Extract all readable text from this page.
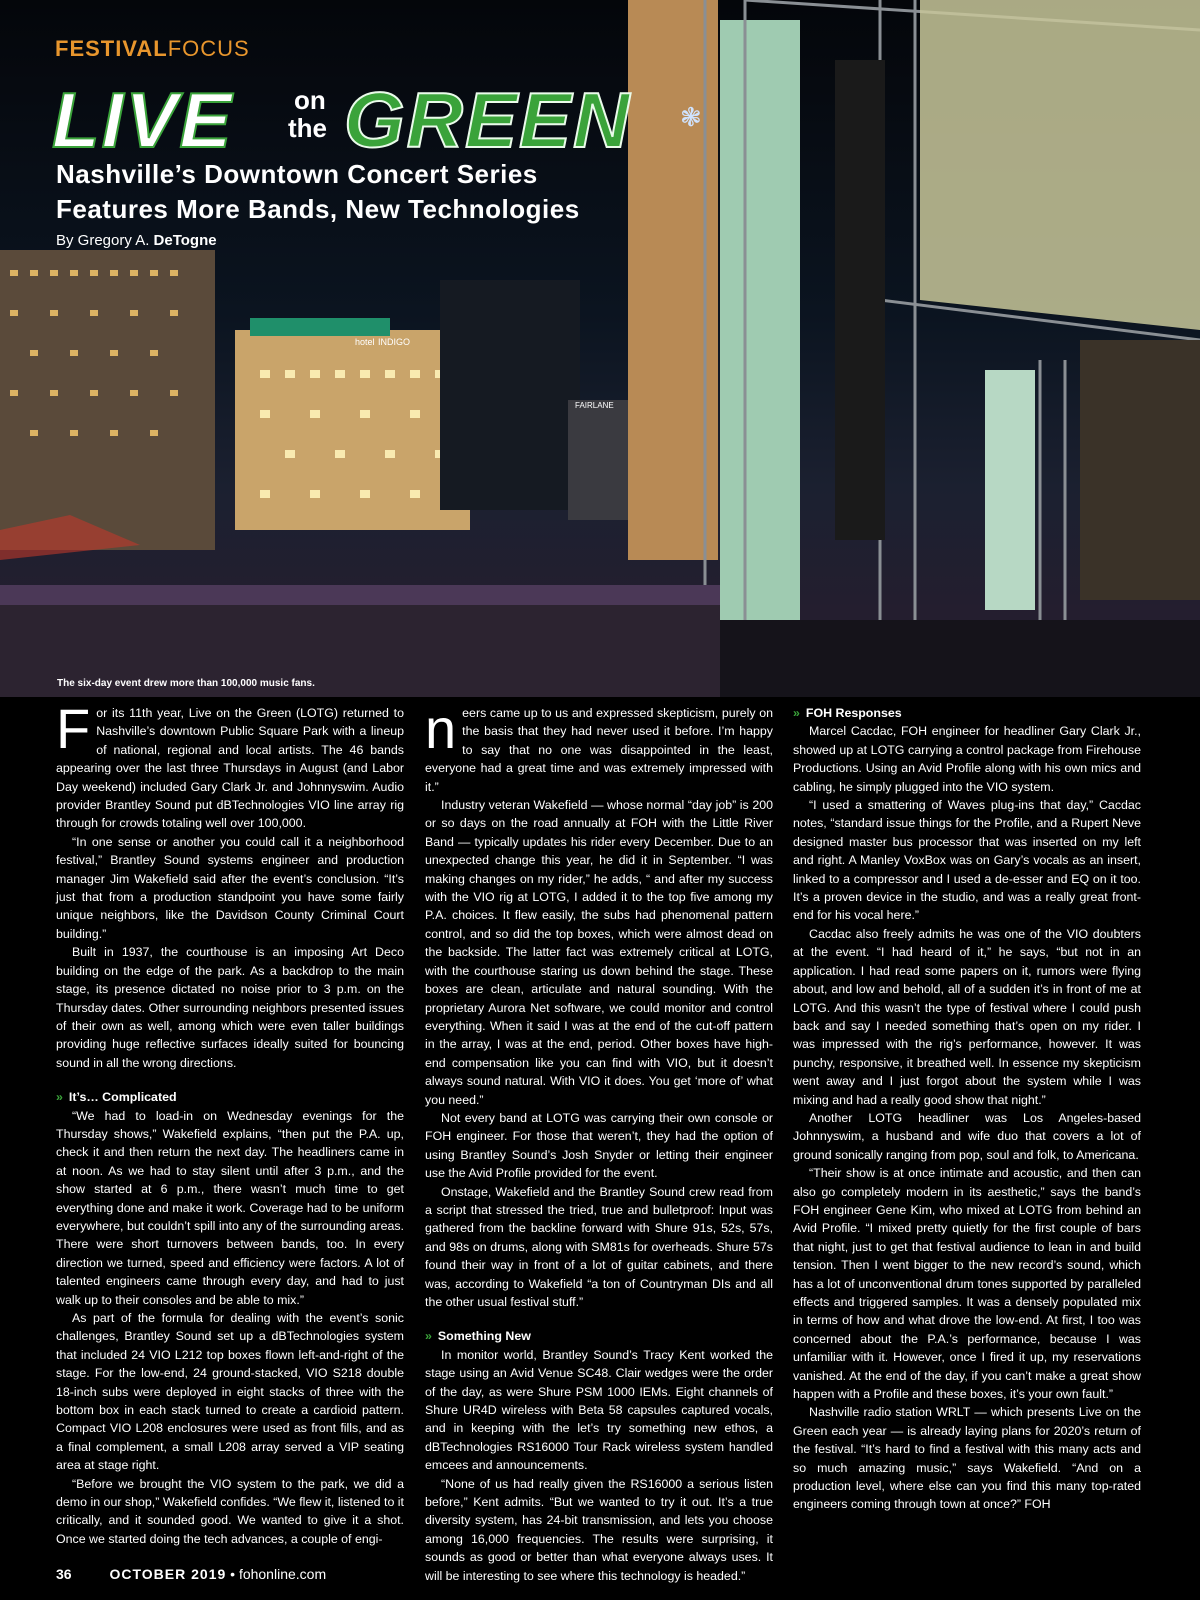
hotel INDIGO
FAIRLANE
FESTIVALFOCUS
LIVE on
the GREEN ❃
Nashville’s Downtown Concert Series
Features More Bands, New Technologies
By Gregory A. DeTogne
The six-day event drew more than 100,000 music fans.

For its 11th year, Live on the Green (LOTG) returned to Nashville’s downtown Public Square Park with a lineup of national, regional and local artists. The 46 bands appearing over the last three Thursdays in August (and Labor Day weekend) included Gary Clark Jr. and Johnnyswim. Audio provider Brantley Sound put dBTechnologies VIO line array rig through for crowds totaling well over 100,000.

“In one sense or another you could call it a neighborhood festival,” Brantley Sound systems engineer and production manager Jim Wakefield said after the event’s conclusion. “It’s just that from a production standpoint you have some fairly unique neighbors, like the Davidson County Criminal Court building.”

Built in 1937, the courthouse is an imposing Art Deco building on the edge of the park. As a backdrop to the main stage, its presence dictated no noise prior to 3 p.m. on the Thursday dates. Other surrounding neighbors presented issues of their own as well, among which were even taller buildings providing huge reflective surfaces ideally suited for bouncing sound in all the wrong directions.

» It’s… Complicated

“We had to load-in on Wednesday evenings for the Thursday shows,” Wakefield explains, “then put the P.A. up, check it and then return the next day. The headliners came in at noon. As we had to stay silent until after 3 p.m., and the show started at 6 p.m., there wasn’t much time to get everything done and make it work. Coverage had to be uniform everywhere, but couldn’t spill into any of the surrounding areas. There were short turnovers between bands, too. In every direction we turned, speed and efficiency were factors. A lot of talented engineers came through every day, and had to just walk up to their consoles and be able to mix.”

As part of the formula for dealing with the event’s sonic challenges, Brantley Sound set up a dBTechnologies system that included 24 VIO L212 top boxes flown left-and-right of the stage. For the low-end, 24 ground-stacked, VIO S218 double 18-inch subs were deployed in eight stacks of three with the bottom box in each stack turned to create a cardioid pattern. Compact VIO L208 enclosures were used as front fills, and as a final complement, a small L208 array served a VIP seating area at stage right.

“Before we brought the VIO system to the park, we did a demo in our shop,” Wakefield confides. “We flew it, listened to it critically, and it sounded good. We wanted to give it a shot. Once we started doing the tech advances, a couple of engi-

neers came up to us and expressed skepticism, purely on the basis that they had never used it before. I’m happy to say that no one was disappointed in the least, everyone had a great time and was extremely impressed with it.”

Industry veteran Wakefield — whose normal “day job” is 200 or so days on the road annually at FOH with the Little River Band — typically updates his rider every December. Due to an unexpected change this year, he did it in September. “I was making changes on my rider,” he adds, “ and after my success with the VIO rig at LOTG, I added it to the top five among my P.A. choices. It flew easily, the subs had phenomenal pattern control, and so did the top boxes, which were almost dead on the backside. The latter fact was extremely critical at LOTG, with the courthouse staring us down behind the stage. These boxes are clean, articulate and natural sounding. With the proprietary Aurora Net software, we could monitor and control everything. When it said I was at the end of the cut-off pattern in the array, I was at the end, period. Other boxes have high-end compensation like you can find with VIO, but it doesn’t always sound natural. With VIO it does. You get ‘more of’ what you need.”

Not every band at LOTG was carrying their own console or FOH engineer. For those that weren’t, they had the option of using Brantley Sound’s Josh Snyder or letting their engineer use the Avid Profile provided for the event.

Onstage, Wakefield and the Brantley Sound crew read from a script that stressed the tried, true and bulletproof: Input was gathered from the backline forward with Shure 91s, 52s, 57s, and 98s on drums, along with SM81s for overheads. Shure 57s found their way in front of a lot of guitar cabinets, and there was, according to Wakefield “a ton of Countryman DIs and all the other usual festival stuff.”

» Something New

In monitor world, Brantley Sound’s Tracy Kent worked the stage using an Avid Venue SC48. Clair wedges were the order of the day, as were Shure PSM 1000 IEMs. Eight channels of Shure UR4D wireless with Beta 58 capsules captured vocals, and in keeping with the let’s try something new ethos, a dBTechnologies RS16000 Tour Rack wireless system handled emcees and announcements.

“None of us had really given the RS16000 a serious listen before,” Kent admits. “But we wanted to try it out. It’s a true diversity system, has 24-bit transmission, and lets you choose among 16,000 frequencies. The results were surprising, it sounds as good or better than what everyone always uses. It will be interesting to see where this technology is headed.”

» FOH Responses

Marcel Cacdac, FOH engineer for headliner Gary Clark Jr., showed up at LOTG carrying a control package from Firehouse Productions. Using an Avid Profile along with his own mics and cabling, he simply plugged into the VIO system.

“I used a smattering of Waves plug-ins that day,” Cacdac notes, “standard issue things for the Profile, and a Rupert Neve designed master bus processor that was inserted on my left and right. A Manley VoxBox was on Gary’s vocals as an insert, linked to a compressor and I used a de-esser and EQ on it too. It’s a proven device in the studio, and was a really great front-end for his vocal here.”

Cacdac also freely admits he was one of the VIO doubters at the event. “I had heard of it,” he says, “but not in an application. I had read some papers on it, rumors were flying about, and low and behold, all of a sudden it’s in front of me at LOTG. And this wasn’t the type of festival where I could push back and say I needed something that’s open on my rider. I was impressed with the rig’s performance, however. It was punchy, responsive, it breathed well. In essence my skepticism went away and I just forgot about the system while I was mixing and had a really good show that night.”

Another LOTG headliner was Los Angeles-based Johnnyswim, a husband and wife duo that covers a lot of ground sonically ranging from pop, soul and folk, to Americana.

“Their show is at once intimate and acoustic, and then can also go completely modern in its aesthetic,” says the band’s FOH engineer Gene Kim, who mixed at LOTG from behind an Avid Profile. “I mixed pretty quietly for the first couple of bars that night, just to get that festival audience to lean in and build tension. Then I went bigger to the new record’s sound, which has a lot of unconventional drum tones supported by paralleled effects and triggered samples. It was a densely populated mix in terms of how and what drove the low-end. At first, I too was concerned about the P.A.’s performance, because I was unfamiliar with it. However, once I fired it up, my reservations vanished. At the end of the day, if you can’t make a great show happen with a Profile and these boxes, it’s your own fault.”

Nashville radio station WRLT — which presents Live on the Green each year — is already laying plans for 2020’s return of the festival. “It’s hard to find a festival with this many acts and so much amazing music,” says Wakefield. “And on a production level, where else can you find this many top-rated engineers coming through town at once?” FOH

36	OCTOBER 2019 • fohonline.com
